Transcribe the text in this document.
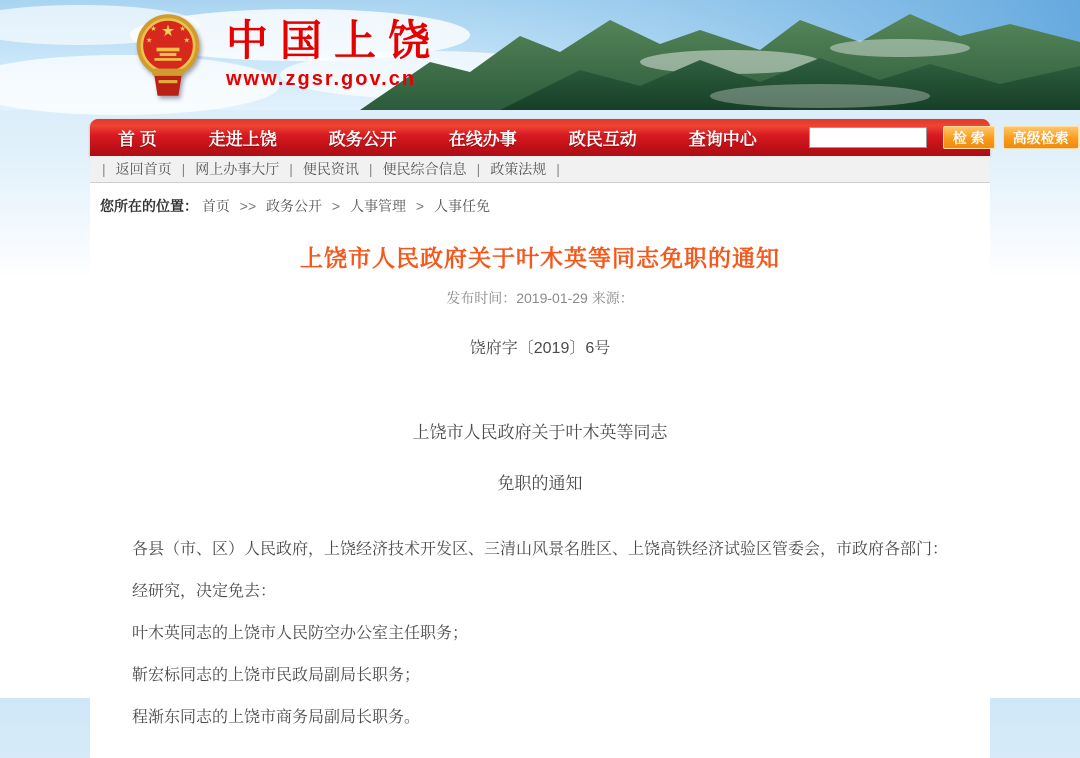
★
★	★
★	★ 中国上饶
www.zgsr.gov.cn
首 页	走进上饶	政务公开	在线办事	政民互动	查询中心	检 索	高级检索
| 返回首页 | 网上办事大厅 | 便民资讯 | 便民综合信息 | 政策法规 |
您所在的位置： 首页 >> 政务公开 > 人事管理 > 人事任免
上饶市人民政府关于叶木英等同志免职的通知
发布时间：2019-01-29 来源：
饶府字〔2019〕6号
上饶市人民政府关于叶木英等同志
免职的通知

各县（市、区）人民政府，上饶经济技术开发区、三清山风景名胜区、上饶高铁经济试验区管委会，市政府各部门：

经研究，决定免去：

叶木英同志的上饶市人民防空办公室主任职务；

靳宏标同志的上饶市民政局副局长职务；

程渐东同志的上饶市商务局副局长职务。
